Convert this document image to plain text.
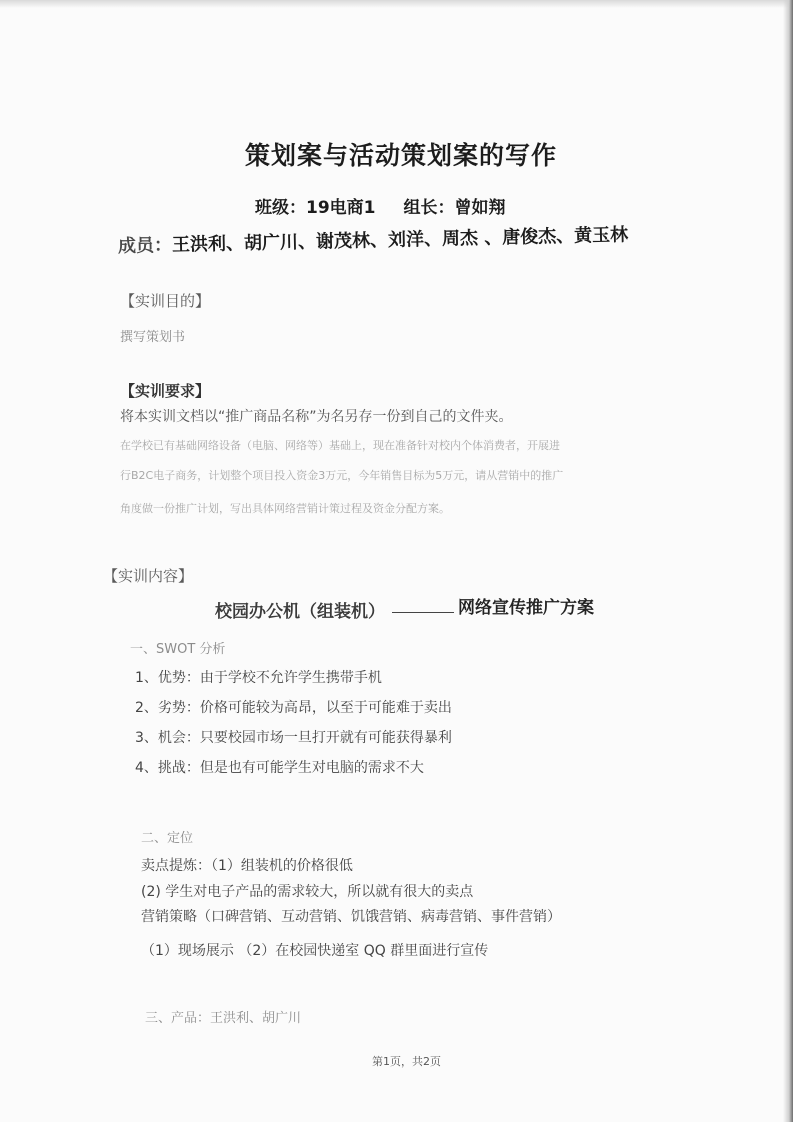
策划案与活动策划案的写作
班级：19电商1 组长：曾如翔
成员：王洪利、胡广川、谢茂林、刘洋、周杰 、唐俊杰、黄玉林
【实训目的】
撰写策划书
【实训要求】
将本实训文档以“推广商品名称”为名另存一份到自己的文件夹。
在学校已有基础网络设备（电脑、网络等）基础上，现在准备针对校内个体消费者，开展进
行B2C电子商务，计划整个项目投入资金3万元，今年销售目标为5万元，请从营销中的推广
角度做一份推广计划，写出具体网络营销计策过程及资金分配方案。
【实训内容】
校园办公机（组装机）	网络宣传推广方案
一、SWOT 分析
1、优势：由于学校不允许学生携带手机
2、劣势：价格可能较为高昂，以至于可能难于卖出
3、机会：只要校园市场一旦打开就有可能获得暴利
4、挑战：但是也有可能学生对电脑的需求不大
二、定位
卖点提炼：（1）组装机的价格很低
(2) 学生对电子产品的需求较大，所以就有很大的卖点
营销策略（口碑营销、互动营销、饥饿营销、病毒营销、事件营销）
（1）现场展示 （2）在校园快递室 QQ 群里面进行宣传
三、产品：王洪利、胡广川
第1页，共2页
